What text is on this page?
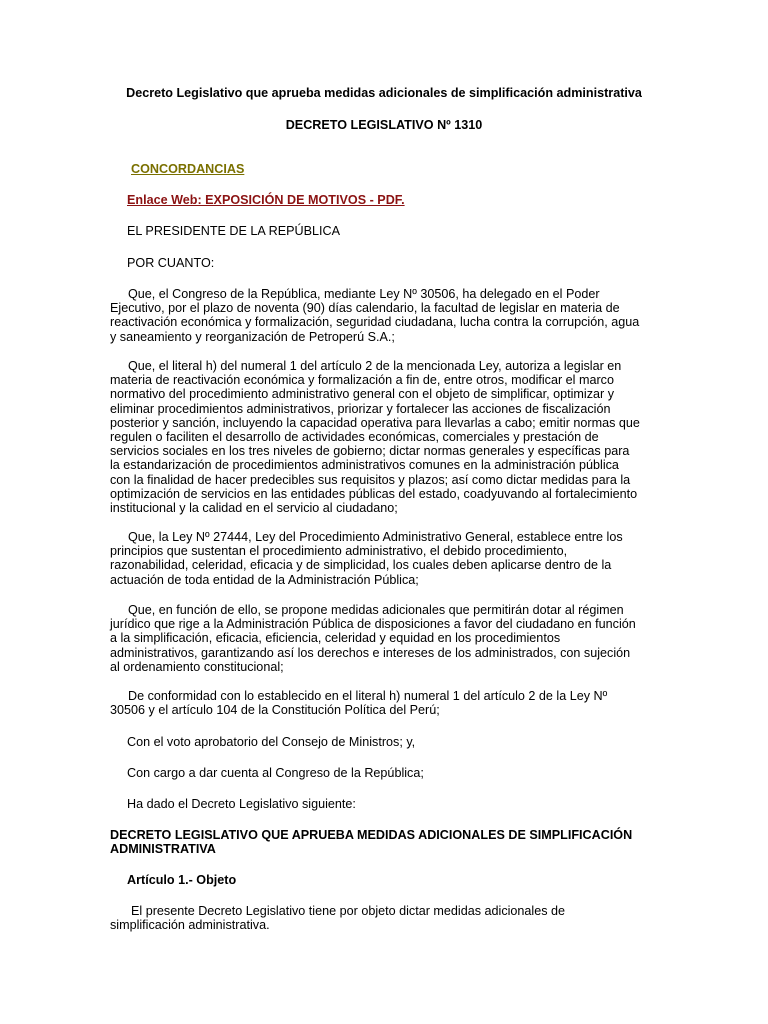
Decreto Legislativo que aprueba medidas adicionales de simplificación administrativa
DECRETO LEGISLATIVO Nº 1310
CONCORDANCIAS
Enlace Web: EXPOSICIÓN DE MOTIVOS - PDF.
EL PRESIDENTE DE LA REPÚBLICA
POR CUANTO:

Que, el Congreso de la República, mediante Ley Nº 30506, ha delegado en el Poder Ejecutivo, por el plazo de noventa (90) días calendario, la facultad de legislar en materia de reactivación económica y formalización, seguridad ciudadana, lucha contra la corrupción, agua y saneamiento y reorganización de Petroperú S.A.;

Que, el literal h) del numeral 1 del artículo 2 de la mencionada Ley, autoriza a legislar en materia de reactivación económica y formalización a fin de, entre otros, modificar el marco normativo del procedimiento administrativo general con el objeto de simplificar, optimizar y eliminar procedimientos administrativos, priorizar y fortalecer las acciones de fiscalización posterior y sanción, incluyendo la capacidad operativa para llevarlas a cabo; emitir normas que regulen o faciliten el desarrollo de actividades económicas, comerciales y prestación de servicios sociales en los tres niveles de gobierno; dictar normas generales y específicas para la estandarización de procedimientos administrativos comunes en la administración pública con la finalidad de hacer predecibles sus requisitos y plazos; así como dictar medidas para la optimización de servicios en las entidades públicas del estado, coadyuvando al fortalecimiento institucional y la calidad en el servicio al ciudadano;

Que, la Ley Nº 27444, Ley del Procedimiento Administrativo General, establece entre los principios que sustentan el procedimiento administrativo, el debido procedimiento, razonabilidad, celeridad, eficacia y de simplicidad, los cuales deben aplicarse dentro de la actuación de toda entidad de la Administración Pública;

Que, en función de ello, se propone medidas adicionales que permitirán dotar al régimen jurídico que rige a la Administración Pública de disposiciones a favor del ciudadano en función a la simplificación, eficacia, eficiencia, celeridad y equidad en los procedimientos administrativos, garantizando así los derechos e intereses de los administrados, con sujeción al ordenamiento constitucional;

De conformidad con lo establecido en el literal h) numeral 1 del artículo 2 de la Ley Nº 30506 y el artículo 104 de la Constitución Política del Perú;

Con el voto aprobatorio del Consejo de Ministros; y,
Con cargo a dar cuenta al Congreso de la República;
Ha dado el Decreto Legislativo siguiente:
DECRETO LEGISLATIVO QUE APRUEBA MEDIDAS ADICIONALES DE SIMPLIFICACIÓN ADMINISTRATIVA
Artículo 1.- Objeto

El presente Decreto Legislativo tiene por objeto dictar medidas adicionales de simplificación administrativa.
